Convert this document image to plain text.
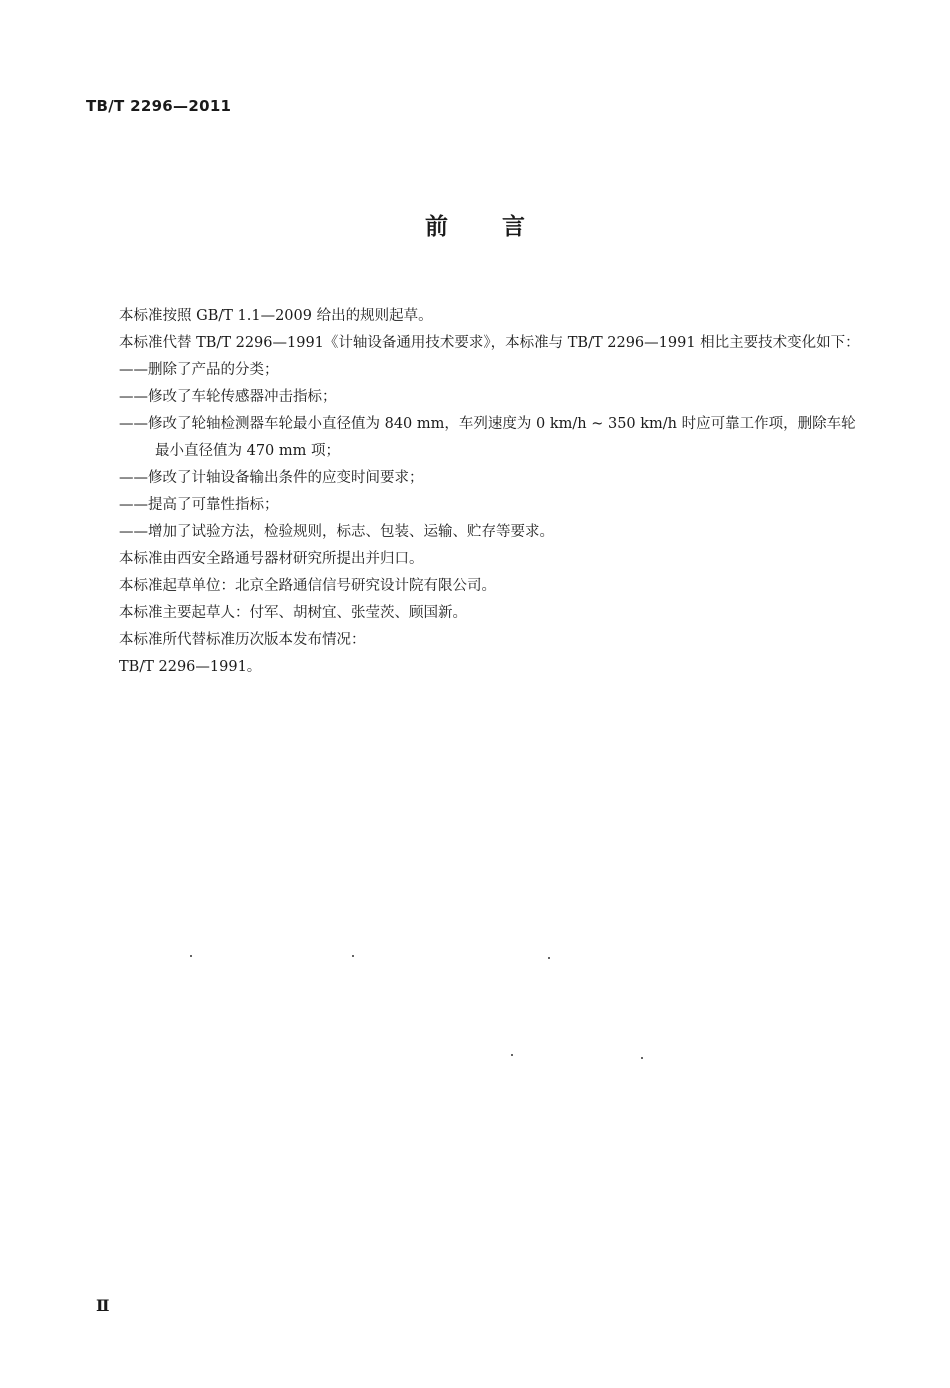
TB/T 2296—2011
前言

本标准按照 GB/T 1.1—2009 给出的规则起草。

本标准代替 TB/T 2296—1991《计轴设备通用技术要求》，本标准与 TB/T 2296—1991 相比主要技术变化如下：

——删除了产品的分类；

——修改了车轮传感器冲击指标；

——修改了轮轴检测器车轮最小直径值为 840 mm，车列速度为 0 km/h ~ 350 km/h 时应可靠工作项，删除车轮最小直径值为 470 mm 项；

——修改了计轴设备输出条件的应变时间要求；

——提高了可靠性指标；

——增加了试验方法，检验规则，标志、包装、运输、贮存等要求。

本标准由西安全路通号器材研究所提出并归口。

本标准起草单位：北京全路通信信号研究设计院有限公司。

本标准主要起草人：付军、胡树宜、张莹茨、顾国新。

本标准所代替标准历次版本发布情况：

TB/T 2296—1991。

Ⅱ
